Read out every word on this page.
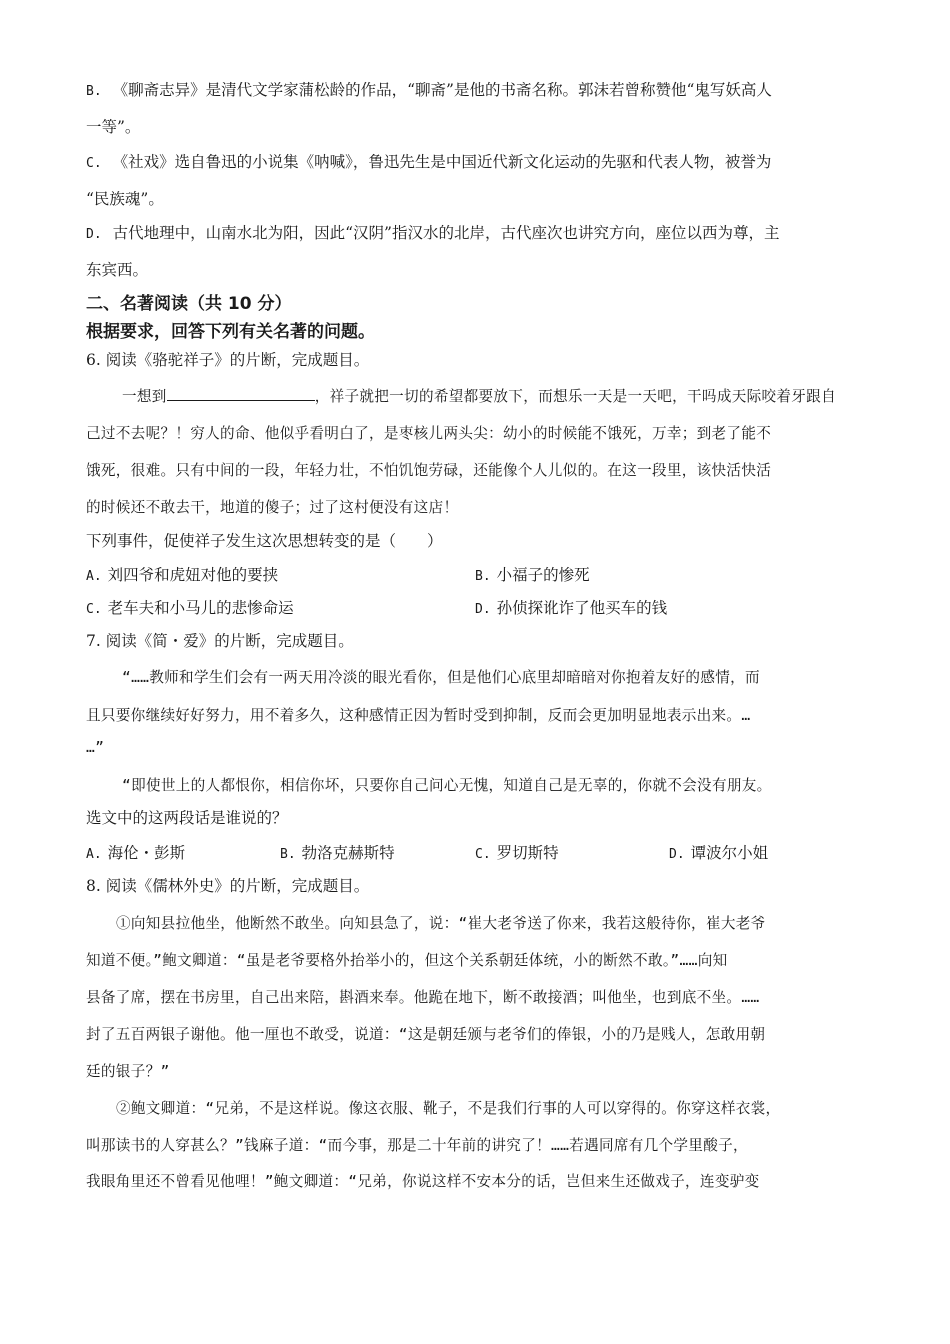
B. 《聊斋志异》是清代文学家蒲松龄的作品，“聊斋”是他的书斋名称。郭沫若曾称赞他“鬼写妖高人
一等”。
C. 《社戏》选自鲁迅的小说集《呐喊》，鲁迅先生是中国近代新文化运动的先驱和代表人物，被誉为
“民族魂”。
D. 古代地理中，山南水北为阳，因此“汉阴”指汉水的北岸，古代座次也讲究方向，座位以西为尊，主
东宾西。
二、名著阅读（共 10 分）
根据要求，回答下列有关名著的问题。
6. 阅读《骆驼祥子》的片断，完成题目。
一想到	，祥子就把一切的希望都要放下，而想乐一天是一天吧，干吗成天际咬着牙跟自
己过不去呢？！穷人的命、他似乎看明白了，是枣核儿两头尖：幼小的时候能不饿死，万幸；到老了能不
饿死，很难。只有中间的一段，年轻力壮，不怕饥饱劳碌，还能像个人儿似的。在这一段里，该快活快活
的时候还不敢去干，地道的傻子；过了这村便没有这店！
下列事件，促使祥子发生这次思想转变的是（　　）
A. 刘四爷和虎妞对他的要挟	B. 小福子的惨死
C. 老车夫和小马儿的悲惨命运	D. 孙侦探讹诈了他买车的钱
7. 阅读《简・爱》的片断，完成题目。
“……教师和学生们会有一两天用冷淡的眼光看你，但是他们心底里却暗暗对你抱着友好的感情，而
且只要你继续好好努力，用不着多久，这种感情正因为暂时受到抑制，反而会更加明显地表示出来。…
…”
“即使世上的人都恨你，相信你坏，只要你自己问心无愧，知道自己是无辜的，你就不会没有朋友。
选文中的这两段话是谁说的？
A. 海伦・彭斯	B. 勃洛克赫斯特	C. 罗切斯特	D. 谭波尔小姐
8. 阅读《儒林外史》的片断，完成题目。
①向知县拉他坐，他断然不敢坐。向知县急了，说：“崔大老爷送了你来，我若这般待你，崔大老爷
知道不便。”鲍文卿道：“虽是老爷要格外抬举小的，但这个关系朝廷体统，小的断然不敢。”……向知
县备了席，摆在书房里，自己出来陪，斟酒来奉。他跪在地下，断不敢接酒；叫他坐，也到底不坐。……
封了五百两银子谢他。他一厘也不敢受，说道：“这是朝廷颁与老爷们的俸银，小的乃是贱人，怎敢用朝
廷的银子？”
②鲍文卿道：“兄弟，不是这样说。像这衣服、靴子，不是我们行事的人可以穿得的。你穿这样衣裳，
叫那读书的人穿甚么？”钱麻子道：“而今事，那是二十年前的讲究了！……若遇同席有几个学里酸子，
我眼角里还不曾看见他哩！”鲍文卿道：“兄弟，你说这样不安本分的话，岂但来生还做戏子，连变驴变
